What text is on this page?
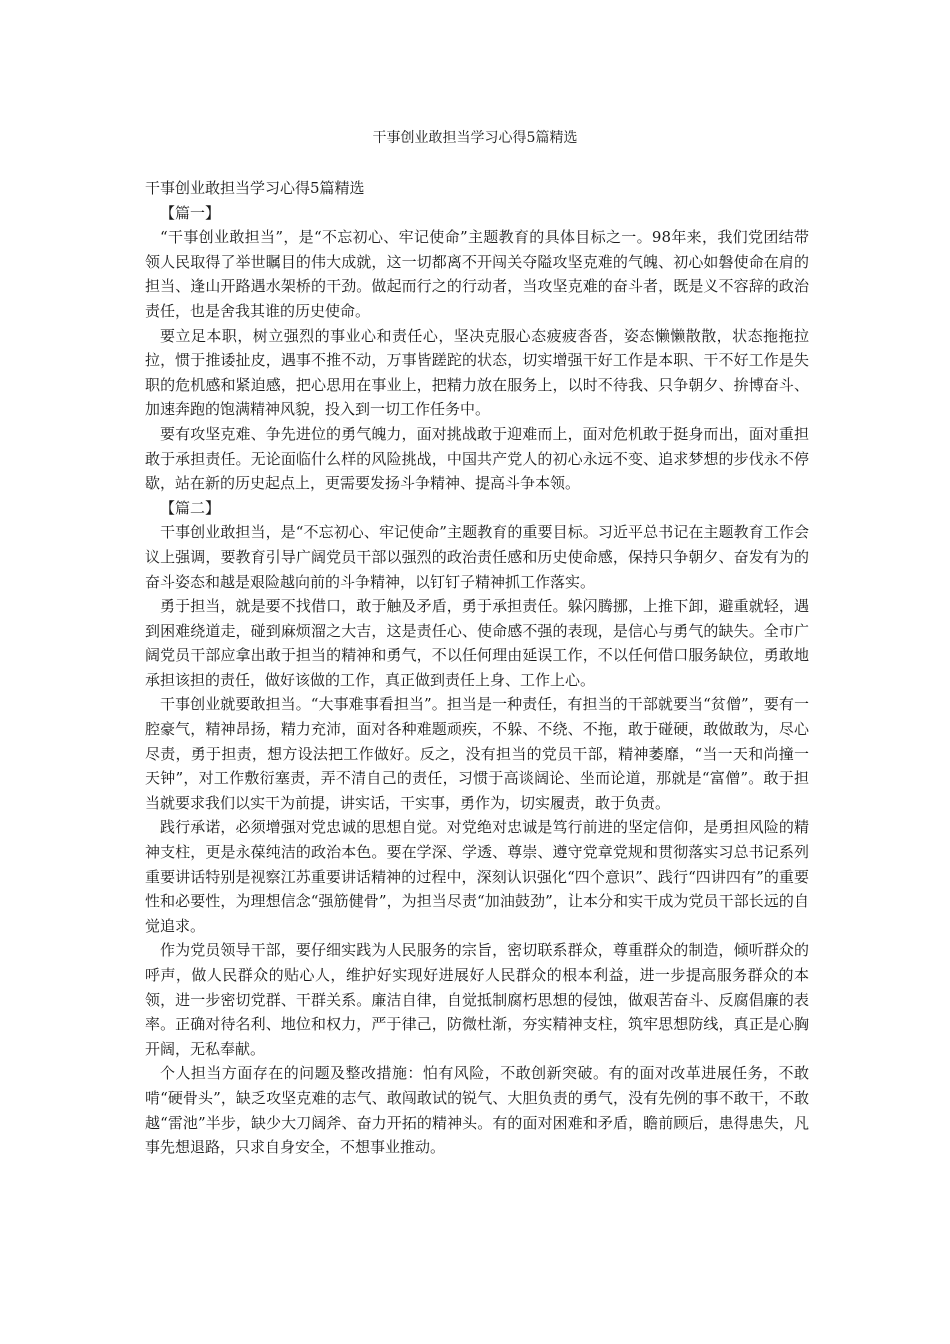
干事创业敢担当学习心得5篇精选

干事创业敢担当学习心得5篇精选

【篇一】

“干事创业敢担当”，是“不忘初心、牢记使命”主题教育的具体目标之一。98年来，我们党团结带领人民取得了举世瞩目的伟大成就，这一切都离不开闯关夺隘攻坚克难的气魄、初心如磐使命在肩的担当、逢山开路遇水架桥的干劲。做起而行之的行动者，当攻坚克难的奋斗者，既是义不容辞的政治责任，也是舍我其谁的历史使命。

要立足本职，树立强烈的事业心和责任心，坚决克服心态疲疲沓沓，姿态懒懒散散，状态拖拖拉拉，惯于推诿扯皮，遇事不推不动，万事皆蹉跎的状态，切实增强干好工作是本职、干不好工作是失职的危机感和紧迫感，把心思用在事业上，把精力放在服务上，以时不待我、只争朝夕、拚博奋斗、加速奔跑的饱满精神风貌，投入到一切工作任务中。

要有攻坚克难、争先进位的勇气魄力，面对挑战敢于迎难而上，面对危机敢于挺身而出，面对重担敢于承担责任。无论面临什么样的风险挑战，中国共产党人的初心永远不变、追求梦想的步伐永不停歇，站在新的历史起点上，更需要发扬斗争精神、提高斗争本领。

【篇二】

干事创业敢担当，是“不忘初心、牢记使命”主题教育的重要目标。习近平总书记在主题教育工作会议上强调，要教育引导广阔党员干部以强烈的政治责任感和历史使命感，保持只争朝夕、奋发有为的奋斗姿态和越是艰险越向前的斗争精神，以钉钉子精神抓工作落实。

勇于担当，就是要不找借口，敢于触及矛盾，勇于承担责任。躲闪腾挪，上推下卸，避重就轻，遇到困难绕道走，碰到麻烦溜之大吉，这是责任心、使命感不强的表现，是信心与勇气的缺失。全市广阔党员干部应拿出敢于担当的精神和勇气，不以任何理由延误工作，不以任何借口服务缺位，勇敢地承担该担的责任，做好该做的工作，真正做到责任上身、工作上心。

干事创业就要敢担当。“大事难事看担当”。担当是一种责任，有担当的干部就要当“贫僧”，要有一腔豪气，精神昂扬，精力充沛，面对各种难题顽疾，不躲、不绕、不拖，敢于碰硬，敢做敢为，尽心尽责，勇于担责，想方设法把工作做好。反之，没有担当的党员干部，精神萎靡，“当一天和尚撞一天钟”，对工作敷衍塞责，弄不清自己的责任，习惯于高谈阔论、坐而论道，那就是“富僧”。敢于担当就要求我们以实干为前提，讲实话，干实事，勇作为，切实履责，敢于负责。

践行承诺，必须增强对党忠诚的思想自觉。对党绝对忠诚是笃行前进的坚定信仰，是勇担风险的精神支柱，更是永葆纯洁的政治本色。要在学深、学透、尊崇、遵守党章党规和贯彻落实习总书记系列重要讲话特别是视察江苏重要讲话精神的过程中，深刻认识强化“四个意识”、践行“四讲四有”的重要性和必要性，为理想信念“强筋健骨”，为担当尽责“加油鼓劲”，让本分和实干成为党员干部长远的自觉追求。

作为党员领导干部，要仔细实践为人民服务的宗旨，密切联系群众，尊重群众的制造，倾听群众的呼声，做人民群众的贴心人，维护好实现好进展好人民群众的根本利益，进一步提高服务群众的本领，进一步密切党群、干群关系。廉洁自律，自觉抵制腐朽思想的侵蚀，做艰苦奋斗、反腐倡廉的表率。正确对待名利、地位和权力，严于律己，防微杜渐，夯实精神支柱，筑牢思想防线，真正是心胸开阔，无私奉献。

个人担当方面存在的问题及整改措施：怕有风险，不敢创新突破。有的面对改革进展任务，不敢啃“硬骨头”，缺乏攻坚克难的志气、敢闯敢试的锐气、大胆负责的勇气，没有先例的事不敢干，不敢越“雷池”半步，缺少大刀阔斧、奋力开拓的精神头。有的面对困难和矛盾，瞻前顾后，患得患失，凡事先想退路，只求自身安全，不想事业推动。
